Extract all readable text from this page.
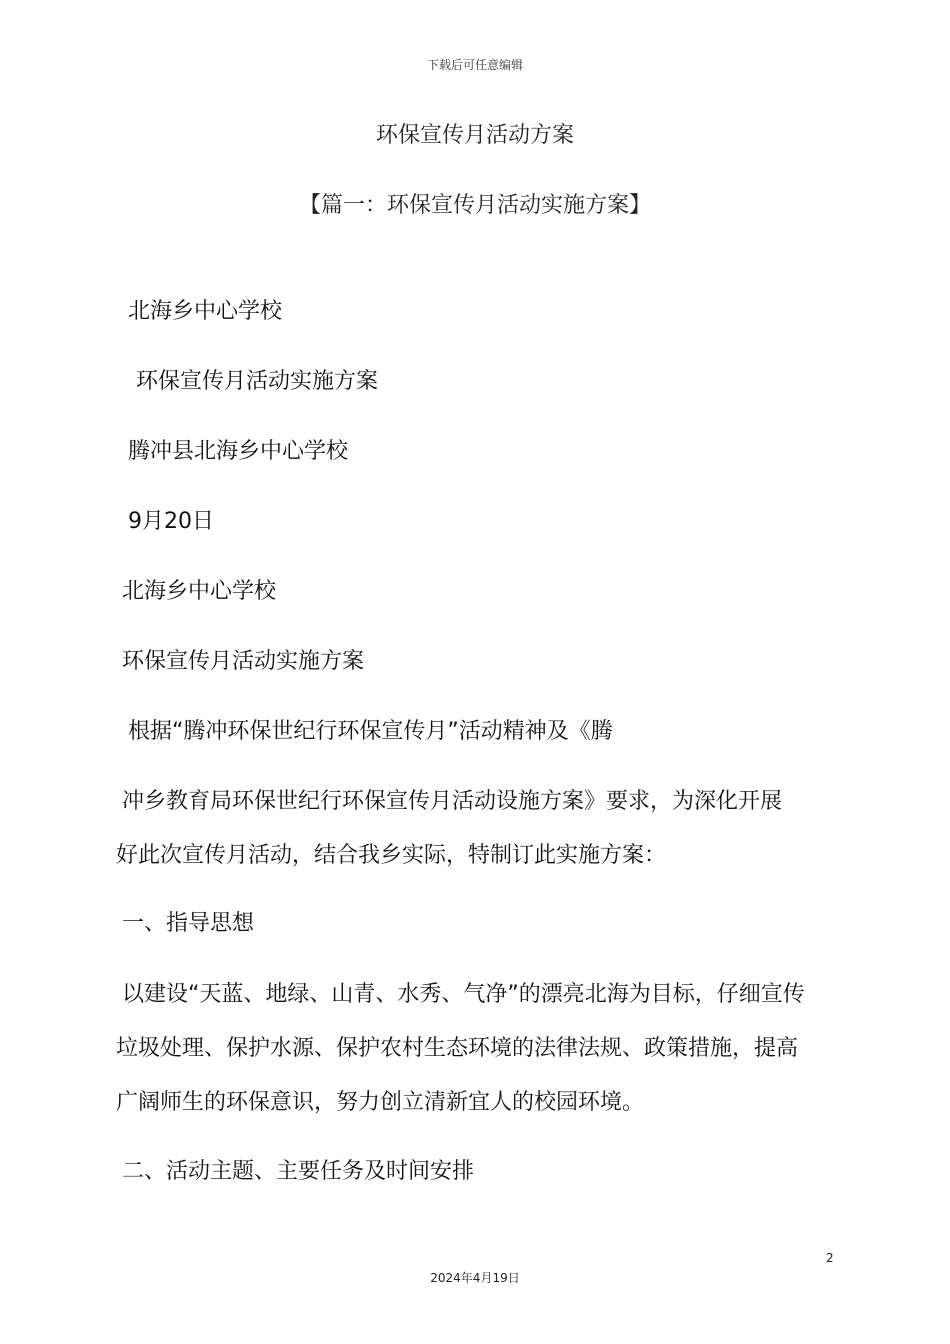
下载后可任意编辑
环保宣传月活动方案
【篇一：环保宣传月活动实施方案】
北海乡中心学校
环保宣传月活动实施方案
腾冲县北海乡中心学校
9月20日
北海乡中心学校
环保宣传月活动实施方案
根据“腾冲环保世纪行环保宣传月”活动精神及《腾
冲乡教育局环保世纪行环保宣传月活动设施方案》要求，为深化开展
好此次宣传月活动，结合我乡实际，特制订此实施方案：
一、指导思想
以建设“天蓝、地绿、山青、水秀、气净”的漂亮北海为目标，仔细宣传
垃圾处理、保护水源、保护农村生态环境的法律法规、政策措施，提高
广阔师生的环保意识，努力创立清新宜人的校园环境。
二、活动主题、主要任务及时间安排
2
2024年4月19日
